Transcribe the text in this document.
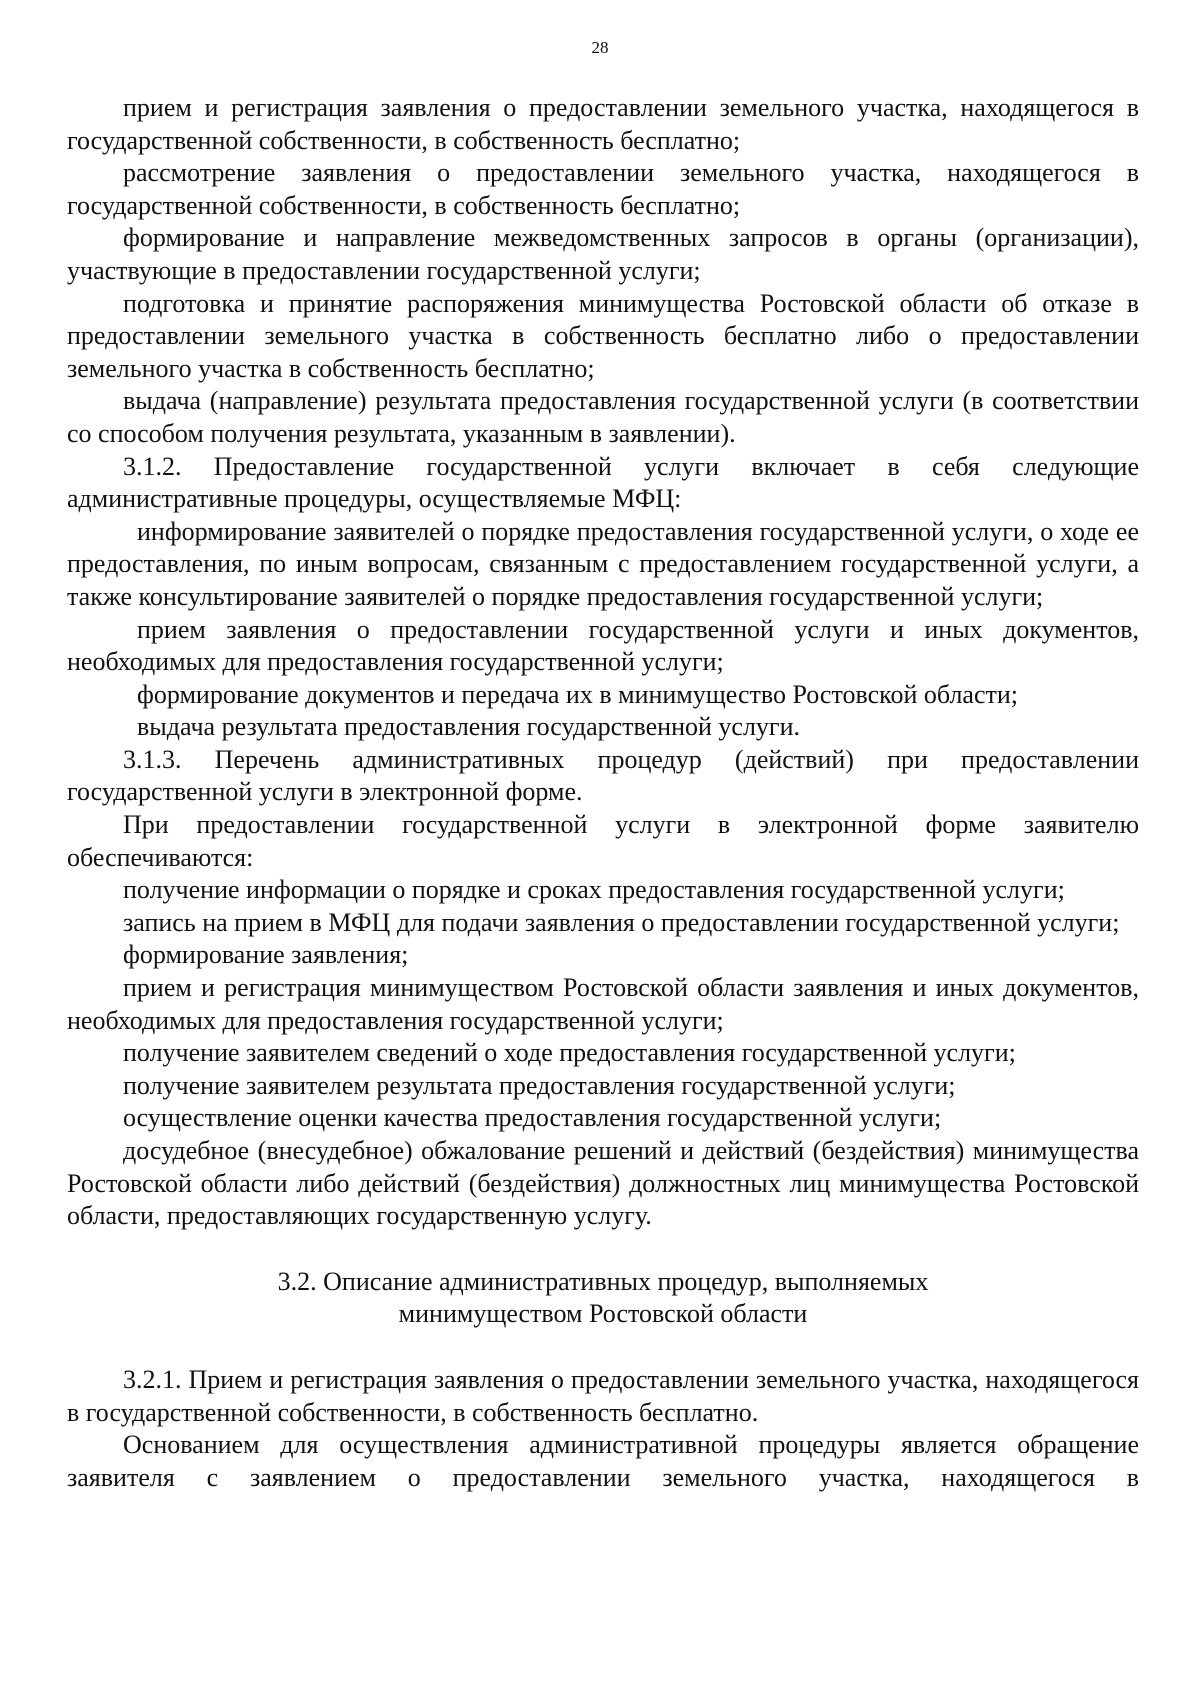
28

прием и регистрация заявления о предоставлении земельного участка, находящегося в государственной собственности, в собственность бесплатно;

рассмотрение заявления о предоставлении земельного участка, находящегося в государственной собственности, в собственность бесплатно;

формирование и направление межведомственных запросов в органы (организации), участвующие в предоставлении государственной услуги;

подготовка и принятие распоряжения минимущества Ростовской области об отказе в предоставлении земельного участка в собственность бесплатно либо о предоставлении земельного участка в собственность бесплатно;

выдача (направление) результата предоставления государственной услуги (в соответствии со способом получения результата, указанным в заявлении).

3.1.2. Предоставление государственной услуги включает в себя следующие административные процедуры, осуществляемые МФЦ:

информирование заявителей о порядке предоставления государственной услуги, о ходе ее предоставления, по иным вопросам, связанным с предоставлением государственной услуги, а также консультирование заявителей о порядке предоставления государственной услуги;

прием заявления о предоставлении государственной услуги и иных документов, необходимых для предоставления государственной услуги;

формирование документов и передача их в минимущество Ростовской области;

выдача результата предоставления государственной услуги.

3.1.3. Перечень административных процедур (действий) при предоставлении государственной услуги в электронной форме.

При предоставлении государственной услуги в электронной форме заявителю обеспечиваются:

получение информации о порядке и сроках предоставления государственной услуги;

запись на прием в МФЦ для подачи заявления о предоставлении государственной услуги;

формирование заявления;

прием и регистрация минимуществом Ростовской области заявления и иных документов, необходимых для предоставления государственной услуги;

получение заявителем сведений о ходе предоставления государственной услуги;

получение заявителем результата предоставления государственной услуги;

осуществление оценки качества предоставления государственной услуги;

досудебное (внесудебное) обжалование решений и действий (бездействия) минимущества Ростовской области либо действий (бездействия) должностных лиц минимущества Ростовской области, предоставляющих государственную услугу.

3.2. Описание административных процедур, выполняемых
минимуществом Ростовской области

3.2.1. Прием и регистрация заявления о предоставлении земельного участка, находящегося в государственной собственности, в собственность бесплатно.

Основанием для осуществления административной процедуры является обращение заявителя с заявлением о предоставлении земельного участка, находящегося в
